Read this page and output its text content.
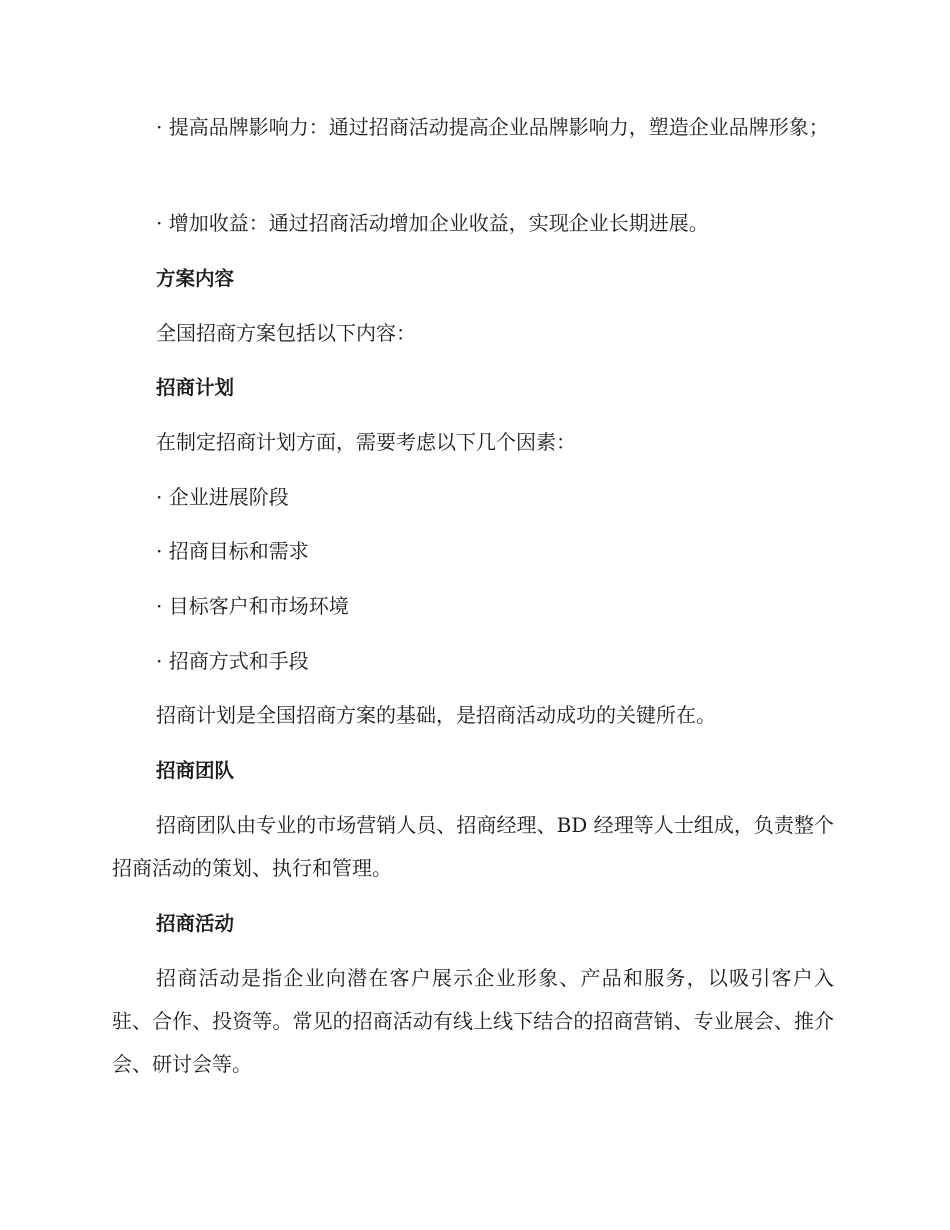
· 提高品牌影响力：通过招商活动提高企业品牌影响力，塑造企业品牌形象；

· 增加收益：通过招商活动增加企业收益，实现企业长期进展。
方案内容
全国招商方案包括以下内容：
招商计划
在制定招商计划方面，需要考虑以下几个因素：
· 企业进展阶段
· 招商目标和需求
· 目标客户和市场环境
· 招商方式和手段
招商计划是全国招商方案的基础，是招商活动成功的关键所在。
招商团队

招商团队由专业的市场营销人员、招商经理、BD 经理等人士组成，负责整个招商活动的策划、执行和管理。

招商活动

招商活动是指企业向潜在客户展示企业形象、产品和服务，以吸引客户入驻、合作、投资等。常见的招商活动有线上线下结合的招商营销、专业展会、推介会、研讨会等。
